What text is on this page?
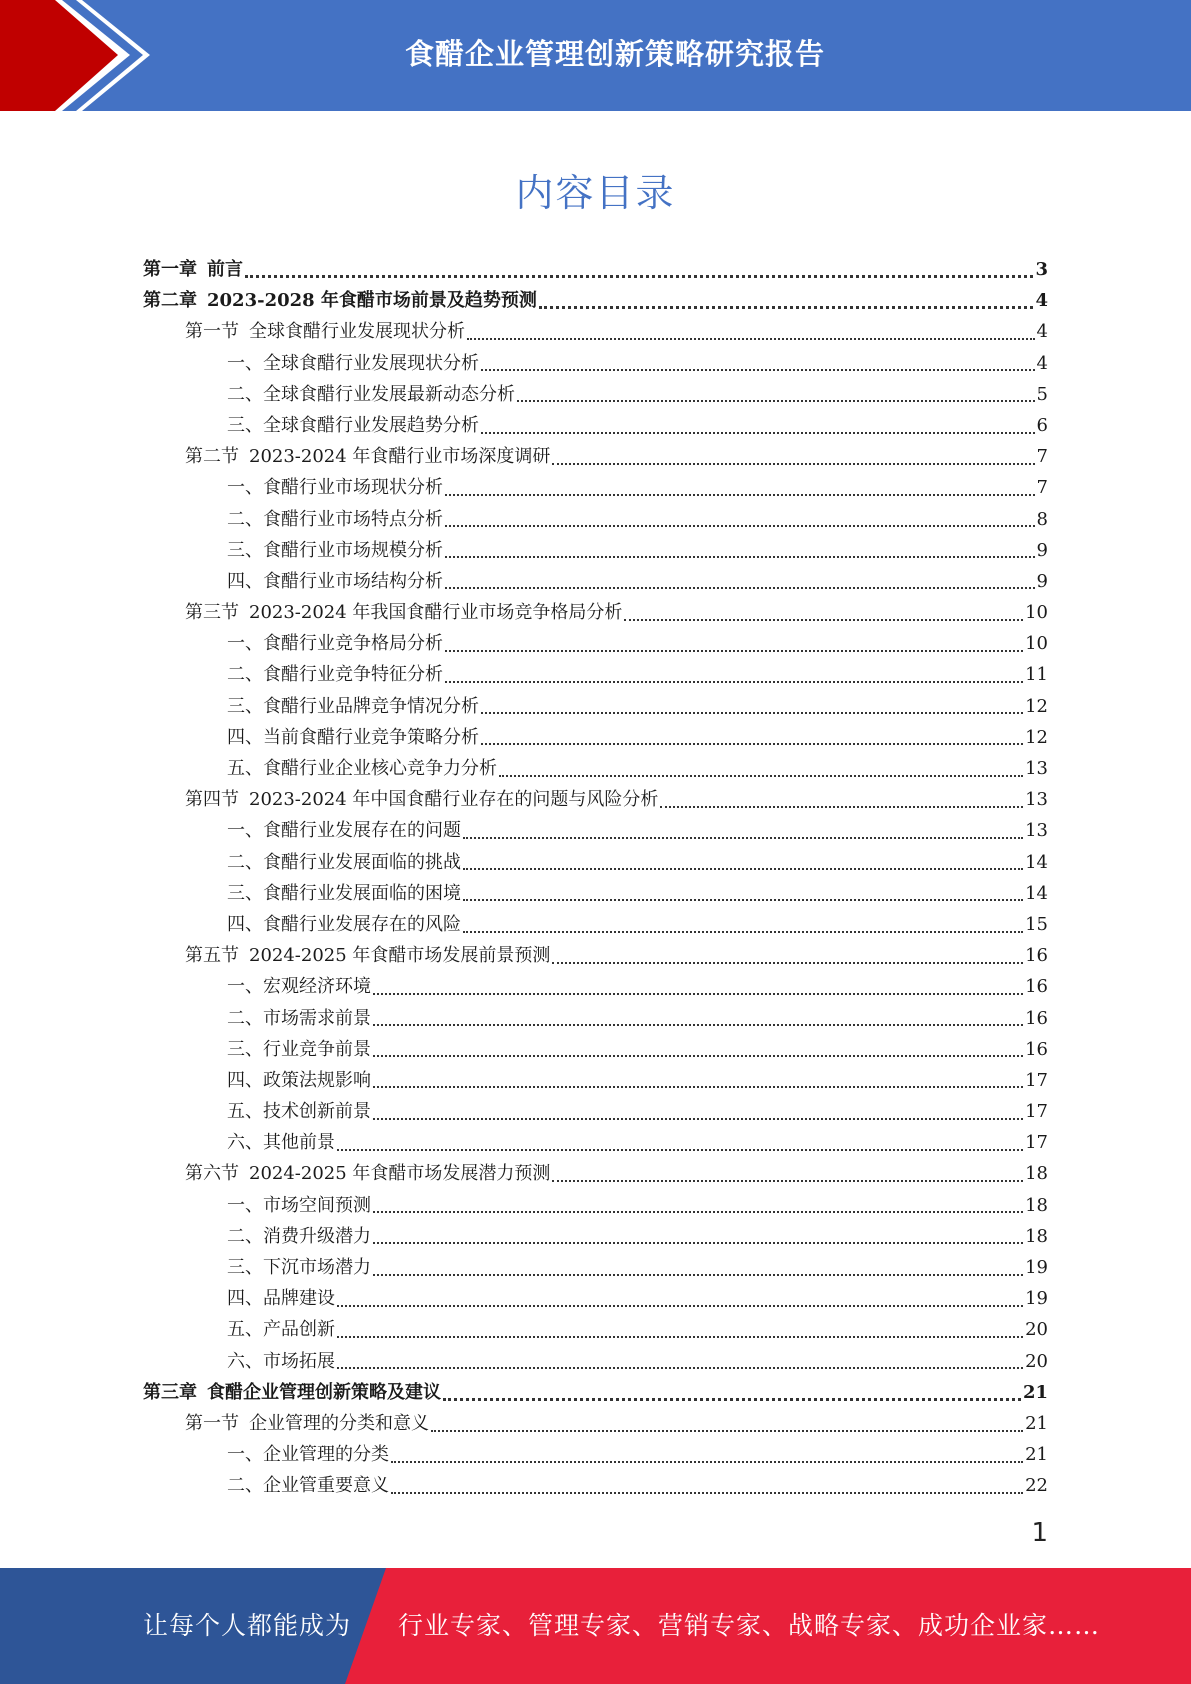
食醋企业管理创新策略研究报告
内容目录
第一章 前言	3
第二章 2023-2028 年食醋市场前景及趋势预测	4
第一节 全球食醋行业发展现状分析	4
一、全球食醋行业发展现状分析	4
二、全球食醋行业发展最新动态分析	5
三、全球食醋行业发展趋势分析	6
第二节 2023-2024 年食醋行业市场深度调研	7
一、食醋行业市场现状分析	7
二、食醋行业市场特点分析	8
三、食醋行业市场规模分析	9
四、食醋行业市场结构分析	9
第三节 2023-2024 年我国食醋行业市场竞争格局分析	10
一、食醋行业竞争格局分析	10
二、食醋行业竞争特征分析	11
三、食醋行业品牌竞争情况分析	12
四、当前食醋行业竞争策略分析	12
五、食醋行业企业核心竞争力分析	13
第四节 2023-2024 年中国食醋行业存在的问题与风险分析	13
一、食醋行业发展存在的问题	13
二、食醋行业发展面临的挑战	14
三、食醋行业发展面临的困境	14
四、食醋行业发展存在的风险	15
第五节 2024-2025 年食醋市场发展前景预测	16
一、宏观经济环境	16
二、市场需求前景	16
三、行业竞争前景	16
四、政策法规影响	17
五、技术创新前景	17
六、其他前景	17
第六节 2024-2025 年食醋市场发展潜力预测	18
一、市场空间预测	18
二、消费升级潜力	18
三、下沉市场潜力	19
四、品牌建设	19
五、产品创新	20
六、市场拓展	20
第三章 食醋企业管理创新策略及建议	21
第一节 企业管理的分类和意义	21
一、企业管理的分类	21
二、企业管重要意义	22
1
让每个人都能成为 行业专家、管理专家、营销专家、战略专家、成功企业家……
